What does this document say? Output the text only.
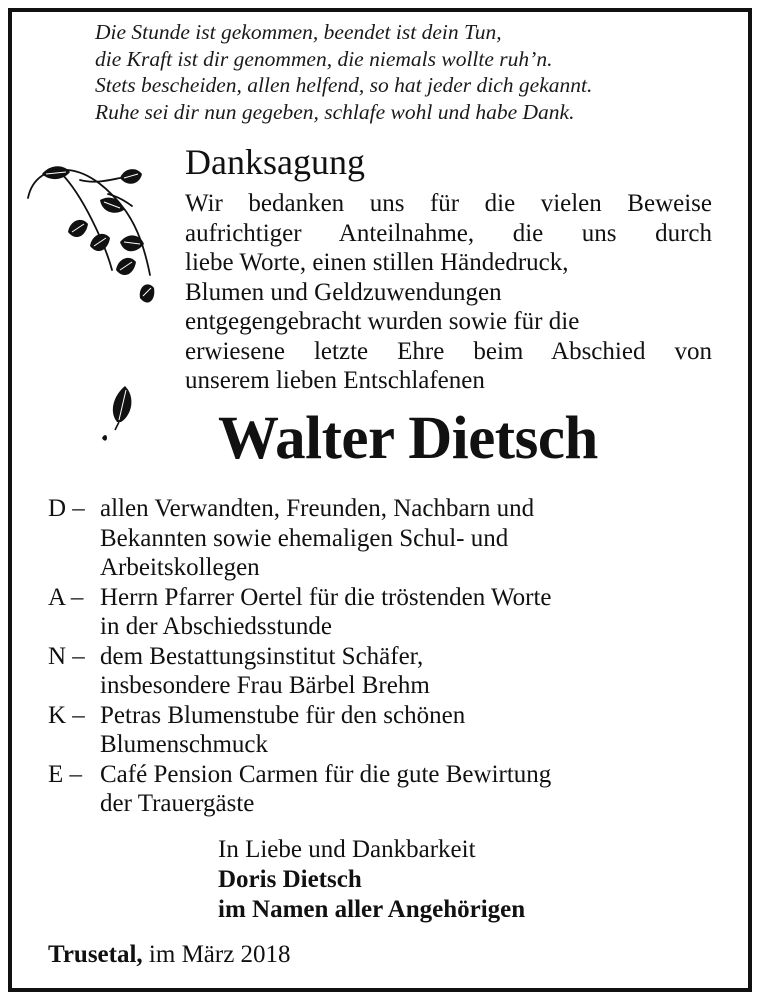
Die Stunde ist gekommen, beendet ist dein Tun,
die Kraft ist dir genommen, die niemals wollte ruh’n.
Stets bescheiden, allen helfend, so hat jeder dich gekannt.
Ruhe sei dir nun gegeben, schlafe wohl und habe Dank.
Danksagung
Wir bedanken uns für die vielen Beweise
aufrichtiger Anteilnahme, die uns durch
liebe Worte, einen stillen Händedruck,
Blumen und Geldzuwendungen
entgegengebracht wurden sowie für die
erwiesene letzte Ehre beim Abschied von
unserem lieben Entschlafenen
Walter Dietsch
D – allen Verwandten, Freunden, Nachbarn und
Bekannten sowie ehemaligen Schul- und
Arbeitskollegen
A – Herrn Pfarrer Oertel für die tröstenden Worte
in der Abschiedsstunde
N – dem Bestattungsinstitut Schäfer,
insbesondere Frau Bärbel Brehm
K – Petras Blumenstube für den schönen
Blumenschmuck
E – Café Pension Carmen für die gute Bewirtung
der Trauergäste
In Liebe und Dankbarkeit
Doris Dietsch
im Namen aller Angehörigen
Trusetal, im März 2018
